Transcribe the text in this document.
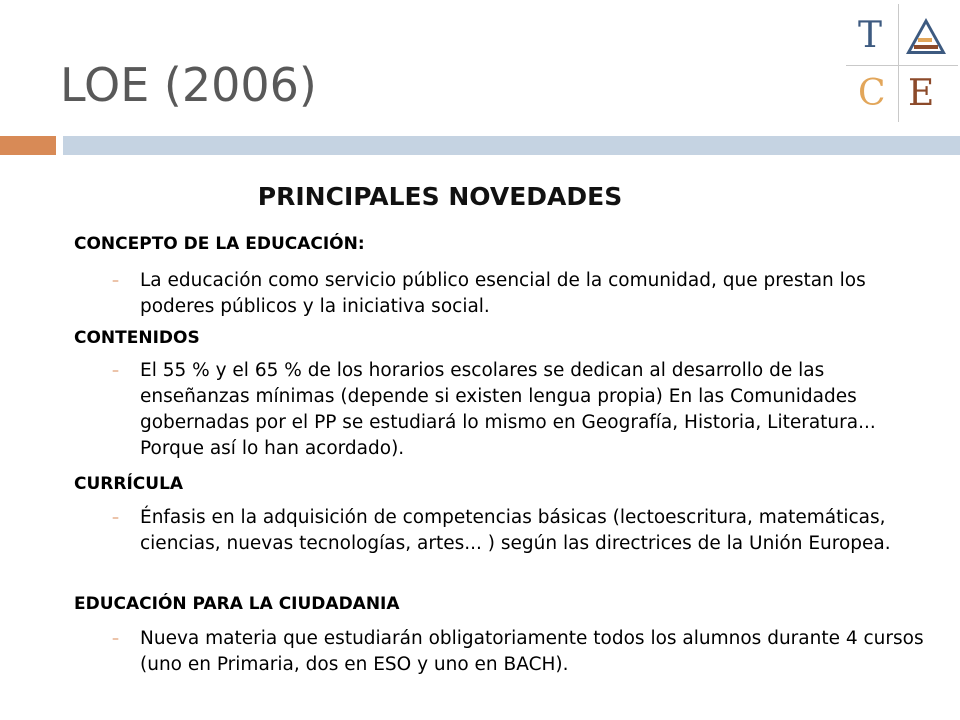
LOE (2006)
T
C E
PRINCIPALES NOVEDADES
CONCEPTO DE LA EDUCACIÓN:
– La educación como servicio público esencial de la comunidad, que prestan los poderes públicos y la iniciativa social.
CONTENIDOS
– El 55 % y el 65 % de los horarios escolares se dedican al desarrollo de las enseñanzas mínimas (depende si existen lengua propia) En las Comunidades gobernadas por el PP se estudiará lo mismo en Geografía, Historia, Literatura... Porque así lo han acordado).
CURRÍCULA
– Énfasis en la adquisición de competencias básicas (lectoescritura, matemáticas, ciencias, nuevas tecnologías, artes... ) según las directrices de la Unión Europea.
EDUCACIÓN PARA LA CIUDADANIA
– Nueva materia que estudiarán obligatoriamente todos los alumnos durante 4 cursos (uno en Primaria, dos en ESO y uno en BACH).
